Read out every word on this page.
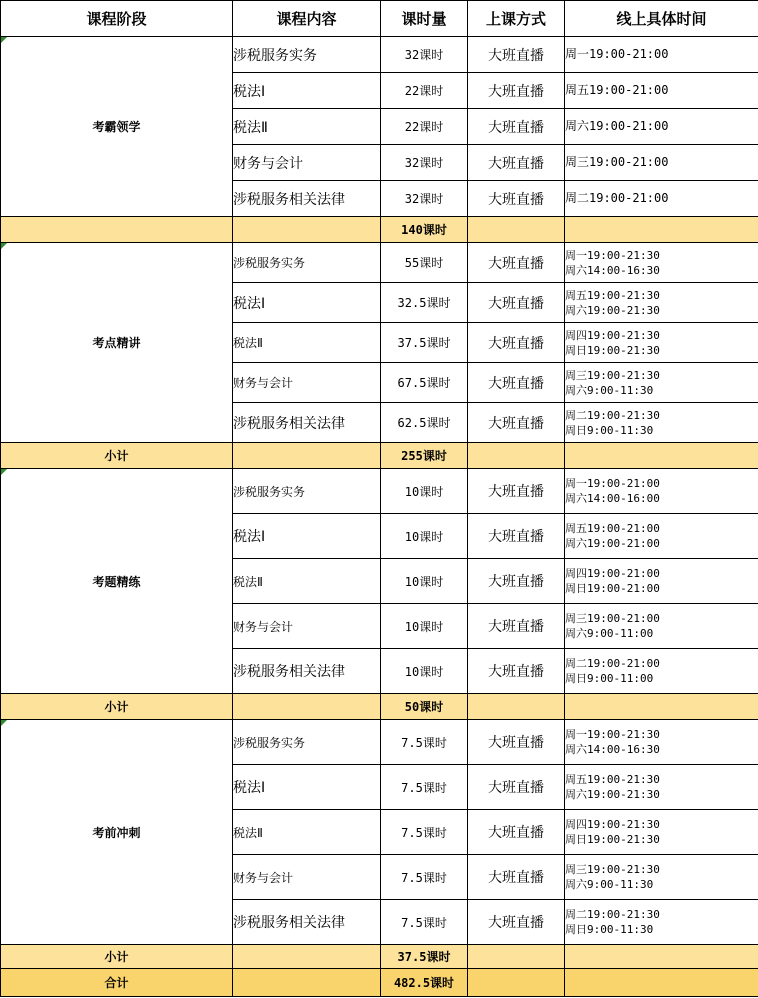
课程阶段	课程内容	课时量	上课方式	线上具体时间

考霸领学	涉税服务实务	32课时	大班直播	周一19:00-21:00

	税法Ⅰ	22课时	大班直播	周五19:00-21:00

	税法Ⅱ	22课时	大班直播	周六19:00-21:00

	财务与会计	32课时	大班直播	周三19:00-21:00

	涉税服务相关法律	32课时	大班直播	周二19:00-21:00

		140课时		

考点精讲	涉税服务实务	55课时	大班直播	周一19:00-21:30
周六14:00-16:30

	税法Ⅰ	32.5课时	大班直播	周五19:00-21:30
周六19:00-21:30

	税法Ⅱ	37.5课时	大班直播	周四19:00-21:30
周日19:00-21:30

	财务与会计	67.5课时	大班直播	周三19:00-21:30
周六9:00-11:30

	涉税服务相关法律	62.5课时	大班直播	周二19:00-21:30
周日9:00-11:30

小计		255课时		

考题精练	涉税服务实务	10课时	大班直播	周一19:00-21:00
周六14:00-16:00

	税法Ⅰ	10课时	大班直播	周五19:00-21:00
周六19:00-21:00

	税法Ⅱ	10课时	大班直播	周四19:00-21:00
周日19:00-21:00

	财务与会计	10课时	大班直播	周三19:00-21:00
周六9:00-11:00

	涉税服务相关法律	10课时	大班直播	周二19:00-21:00
周日9:00-11:00

小计		50课时		

考前冲刺	涉税服务实务	7.5课时	大班直播	周一19:00-21:30
周六14:00-16:30

	税法Ⅰ	7.5课时	大班直播	周五19:00-21:30
周六19:00-21:30

	税法Ⅱ	7.5课时	大班直播	周四19:00-21:30
周日19:00-21:30

	财务与会计	7.5课时	大班直播	周三19:00-21:30
周六9:00-11:30

	涉税服务相关法律	7.5课时	大班直播	周二19:00-21:30
周日9:00-11:30

小计		37.5课时		
合计		482.5课时		
